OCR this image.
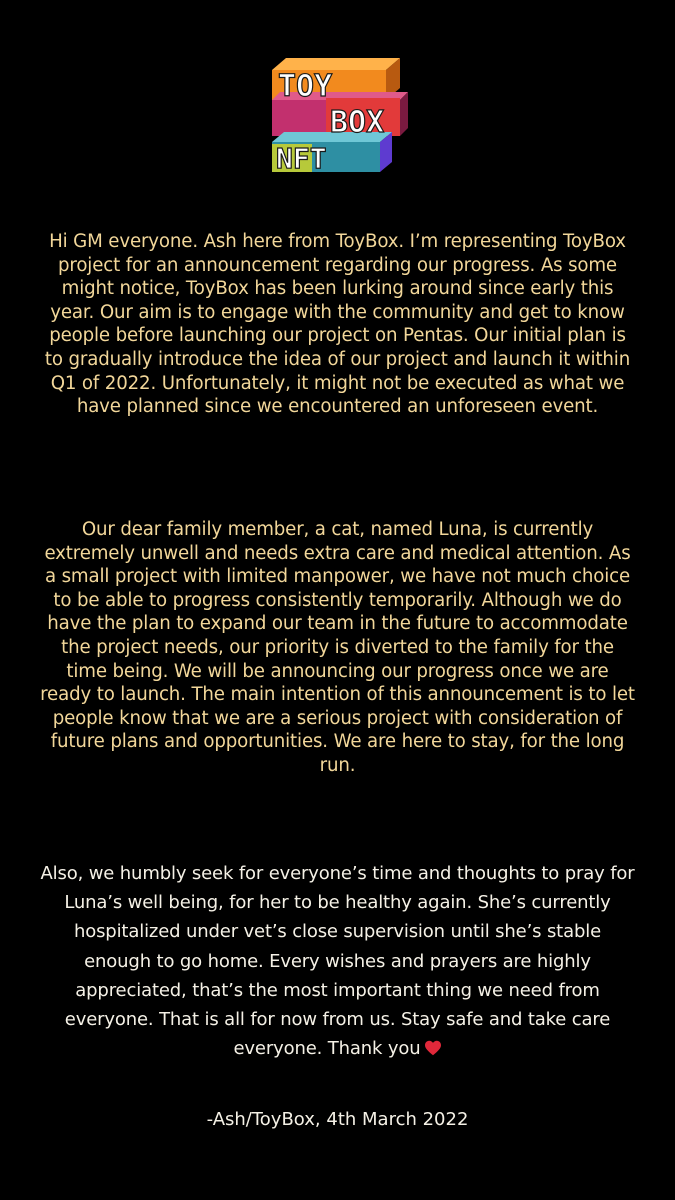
TOY
BOX
NFT

Hi GM everyone. Ash here from ToyBox. I’m representing ToyBox project for an announcement regarding our progress. As some might notice, ToyBox has been lurking around since early this year. Our aim is to engage with the community and get to know people before launching our project on Pentas. Our initial plan is to gradually introduce the idea of our project and launch it within Q1 of 2022. Unfortunately, it might not be executed as what we have planned since we encountered an unforeseen event.

Our dear family member, a cat, named Luna, is currently extremely unwell and needs extra care and medical attention. As a small project with limited manpower, we have not much choice to be able to progress consistently temporarily. Although we do have the plan to expand our team in the future to accommodate the project needs, our priority is diverted to the family for the time being. We will be announcing our progress once we are ready to launch. The main intention of this announcement is to let people know that we are a serious project with consideration of future plans and opportunities. We are here to stay, for the long run.

Also, we humbly seek for everyone’s time and thoughts to pray for Luna’s well being, for her to be healthy again. She’s currently hospitalized under vet’s close supervision until she’s stable enough to go home. Every wishes and prayers are highly appreciated, that’s the most important thing we need from everyone. That is all for now from us. Stay safe and take care everyone. Thank you

-Ash/ToyBox, 4th March 2022
